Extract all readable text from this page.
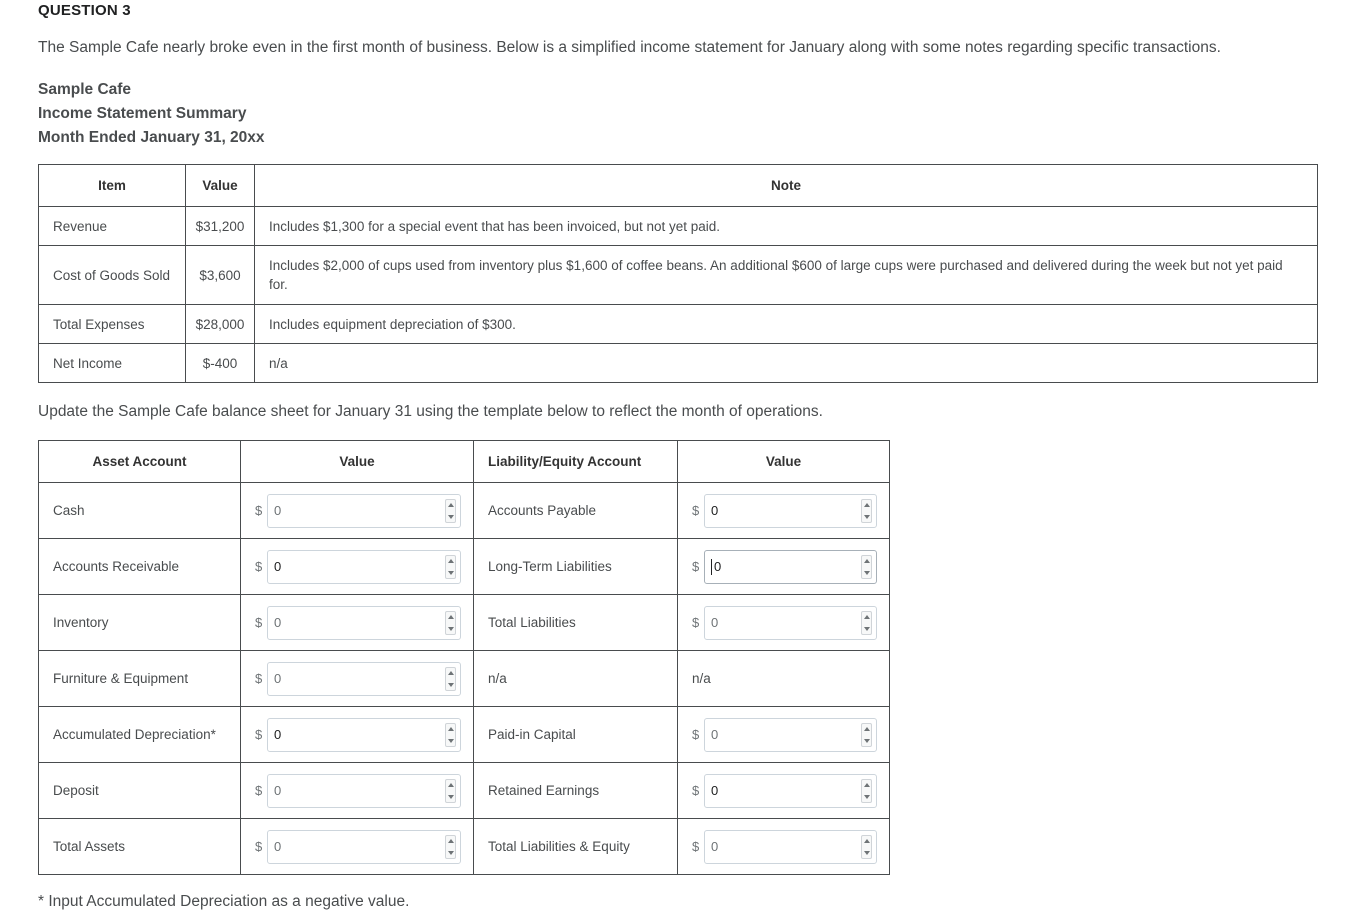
QUESTION 3
The Sample Cafe nearly broke even in the first month of business. Below is a simplified income statement for January along with some notes regarding specific transactions.
Sample Cafe
Income Statement Summary
Month Ended January 31, 20xx
Item	Value	Note
Revenue	$31,200	Includes $1,300 for a special event that has been invoiced, but not yet paid.
Cost of Goods Sold	$3,600	Includes $2,000 of cups used from inventory plus $1,600 of coffee beans. An additional $600 of large cups were purchased and delivered during the week but not yet paid for.
Total Expenses	$28,000	Includes equipment depreciation of $300.
Net Income	$-400	n/a
Update the Sample Cafe balance sheet for January 31 using the template below to reflect the month of operations.
Asset Account	Value	Liability/Equity Account	Value
Cash	$ 0	Accounts Payable	$ 0

Accounts Receivable	$ 0	Long-Term Liabilities	$ 0

Inventory	$ 0	Total Liabilities	$ 0

Furniture & Equipment	$ 0	n/a	n/a
Accumulated Depreciation*	$ 0	Paid-in Capital	$ 0

Deposit	$ 0	Retained Earnings	$ 0

Total Assets	$ 0	Total Liabilities & Equity	$ 0
* Input Accumulated Depreciation as a negative value.
